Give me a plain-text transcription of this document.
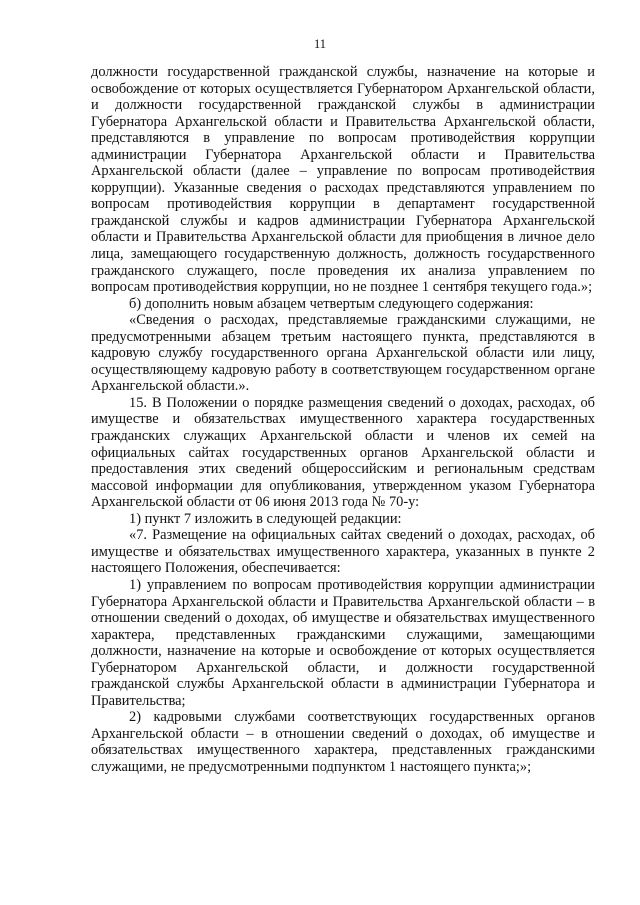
11

должности государственной гражданской службы, назначение на которые и освобождение от которых осуществляется Губернатором Архангельской области, и должности государственной гражданской службы в администрации Губернатора Архангельской области и Правительства Архангельской области, представляются в управление по вопросам противодействия коррупции администрации Губернатора Архангельской области и Правительства Архангельской области (далее – управление по вопросам противодействия коррупции). Указанные сведения о расходах представляются управлением по вопросам противодействия коррупции в департамент государственной гражданской службы и кадров администрации Губернатора Архангельской области и Правительства Архангельской области для приобщения в личное дело лица, замещающего государственную должность, должность государственного гражданского служащего, после проведения их анализа управлением по вопросам противодействия коррупции, но не позднее 1 сентября текущего года.»;

б) дополнить новым абзацем четвертым следующего содержания:

«Сведения о расходах, представляемые гражданскими служащими, не предусмотренными абзацем третьим настоящего пункта, представляются в кадровую службу государственного органа Архангельской области или лицу, осуществляющему кадровую работу в соответствующем государственном органе Архангельской области.».

15. В Положении о порядке размещения сведений о доходах, расходах, об имуществе и обязательствах имущественного характера государственных гражданских служащих Архангельской области и членов их семей на официальных сайтах государственных органов Архангельской области и предоставления этих сведений общероссийским и региональным средствам массовой информации для опубликования, утвержденном указом Губернатора Архангельской области от 06 июня 2013 года № 70-у:

1) пункт 7 изложить в следующей редакции:

«7. Размещение на официальных сайтах сведений о доходах, расходах, об имуществе и обязательствах имущественного характера, указанных в пункте 2 настоящего Положения, обеспечивается:

1) управлением по вопросам противодействия коррупции администрации Губернатора Архангельской области и Правительства Архангельской области – в отношении сведений о доходах, об имуществе и обязательствах имущественного характера, представленных гражданскими служащими, замещающими должности, назначение на которые и освобождение от которых осуществляется Губернатором Архангельской области, и должности государственной гражданской службы Архангельской области в администрации Губернатора и Правительства;

2) кадровыми службами соответствующих государственных органов Архангельской области – в отношении сведений о доходах, об имуществе и обязательствах имущественного характера, представленных гражданскими служащими, не предусмотренными подпунктом 1 настоящего пункта;»;
